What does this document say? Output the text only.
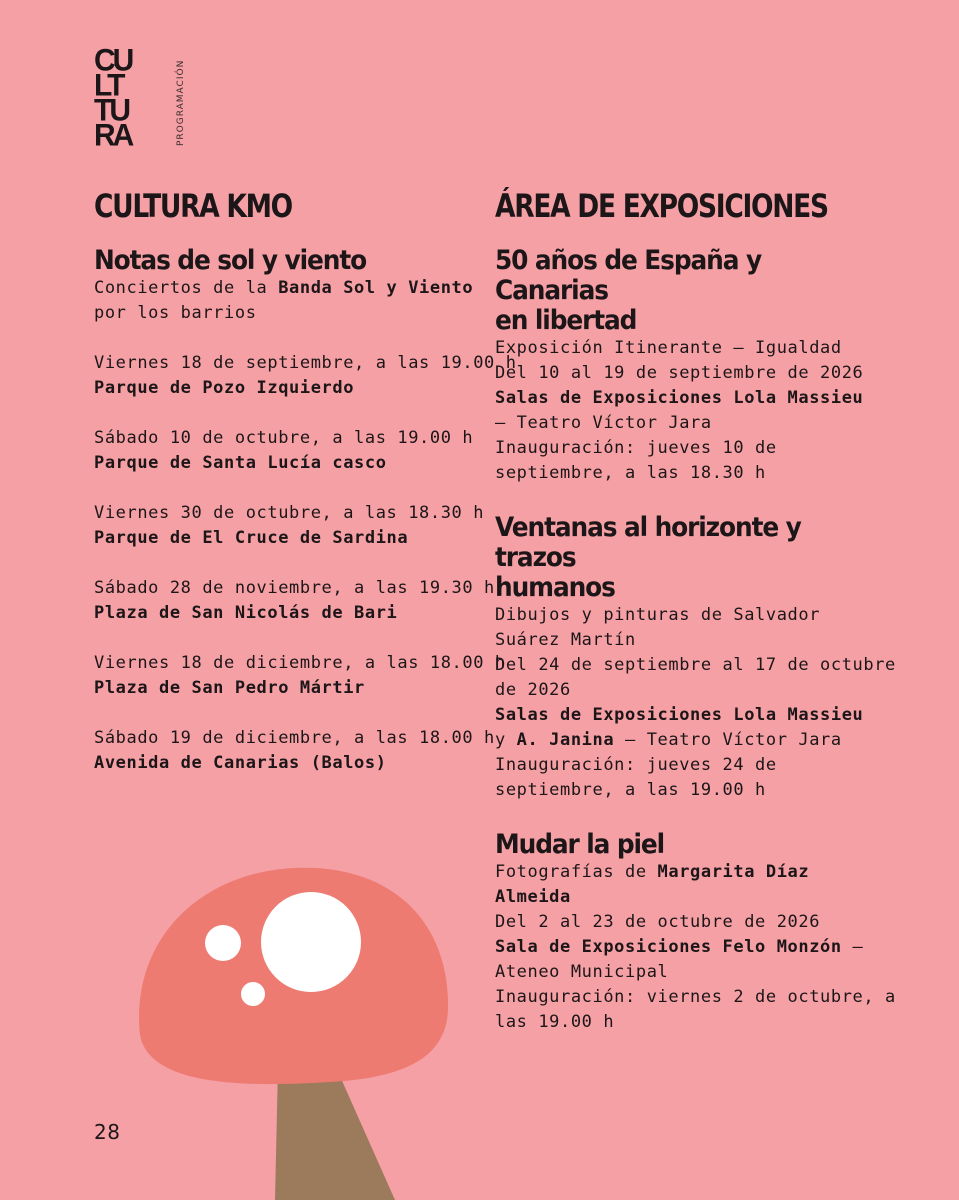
CU
LT
TU
RA	PROGRAMACIÓN
CULTURA KMO
Notas de sol y viento
Conciertos de la Banda Sol y Viento
por los barrios
Viernes 18 de septiembre, a las 19.00 h
Parque de Pozo Izquierdo
Sábado 10 de octubre, a las 19.00 h
Parque de Santa Lucía casco
Viernes 30 de octubre, a las 18.30 h
Parque de El Cruce de Sardina
Sábado 28 de noviembre, a las 19.30 h
Plaza de San Nicolás de Bari
Viernes 18 de diciembre, a las 18.00 h
Plaza de San Pedro Mártir
Sábado 19 de diciembre, a las 18.00 h
Avenida de Canarias (Balos)
ÁREA DE EXPOSICIONES
50 años de España y Canarias
en libertad
Exposición Itinerante – Igualdad
Del 10 al 19 de septiembre de 2026
Salas de Exposiciones Lola Massieu
– Teatro Víctor Jara
Inauguración: jueves 10 de
septiembre, a las 18.30 h
Ventanas al horizonte y trazos
humanos
Dibujos y pinturas de Salvador
Suárez Martín
Del 24 de septiembre al 17 de octubre
de 2026
Salas de Exposiciones Lola Massieu
y A. Janina – Teatro Víctor Jara
Inauguración: jueves 24 de
septiembre, a las 19.00 h
Mudar la piel
Fotografías de Margarita Díaz
Almeida
Del 2 al 23 de octubre de 2026
Sala de Exposiciones Felo Monzón –
Ateneo Municipal
Inauguración: viernes 2 de octubre, a
las 19.00 h
28
